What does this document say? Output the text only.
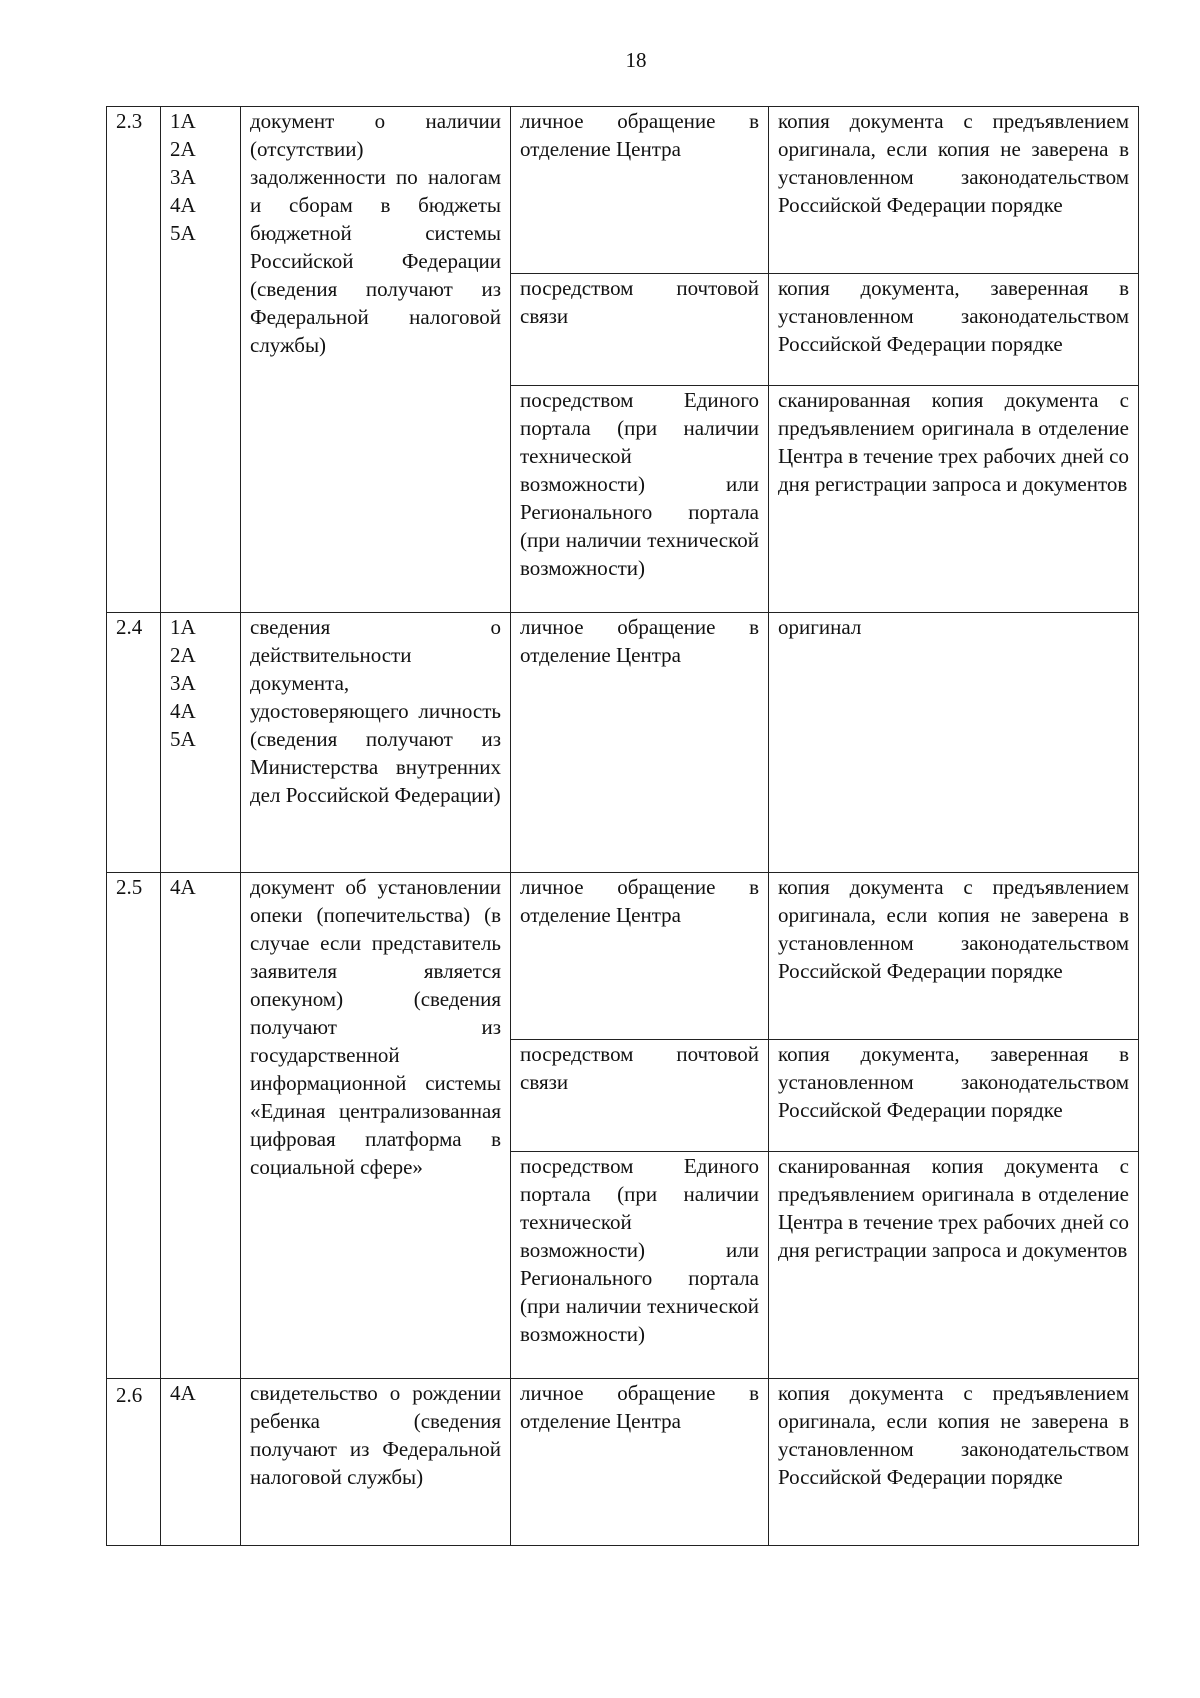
18
2.3	1А
2А
3А
4А
5А	документ о наличии (отсутствии) задолженности по налогам и сборам в бюджеты бюджетной системы Российской Федерации (сведения получают из Федеральной налоговой службы)	личное обращение в отделение Центра	копия документа с предъявлением оригинала, если копия не заверена в установленном законодательством Российской Федерации порядке

			посредством почтовой связи	копия документа, заверенная в установленном законодательством Российской Федерации порядке

			посредством Единого портала (при наличии технической возможности) или Регионального портала (при наличии технической возможности)	сканированная копия документа с предъявлением оригинала в отделение Центра в течение трех рабочих дней со дня регистрации запроса и документов

2.4	1А
2А
3А
4А
5А	сведения о действительности документа, удостоверяющего личность (сведения получают из Министерства внутренних дел Российской Федерации)	личное обращение в отделение Центра	оригинал

2.5	4А	документ об установлении опеки (попечительства) (в случае если представитель заявителя является опекуном) (сведения получают из государственной информационной системы «Единая централизованная цифровая платформа в социальной сфере»	личное обращение в отделение Центра	копия документа с предъявлением оригинала, если копия не заверена в установленном законодательством Российской Федерации порядке

			посредством почтовой связи	копия документа, заверенная в установленном законодательством Российской Федерации порядке

			посредством Единого портала (при наличии технической возможности) или Регионального портала (при наличии технической возможности)	сканированная копия документа с предъявлением оригинала в отделение Центра в течение трех рабочих дней со дня регистрации запроса и документов

2.6	4А	свидетельство о рождении ребенка (сведения получают из Федеральной налоговой службы)	личное обращение в отделение Центра	копия документа с предъявлением оригинала, если копия не заверена в установленном законодательством Российской Федерации порядке
